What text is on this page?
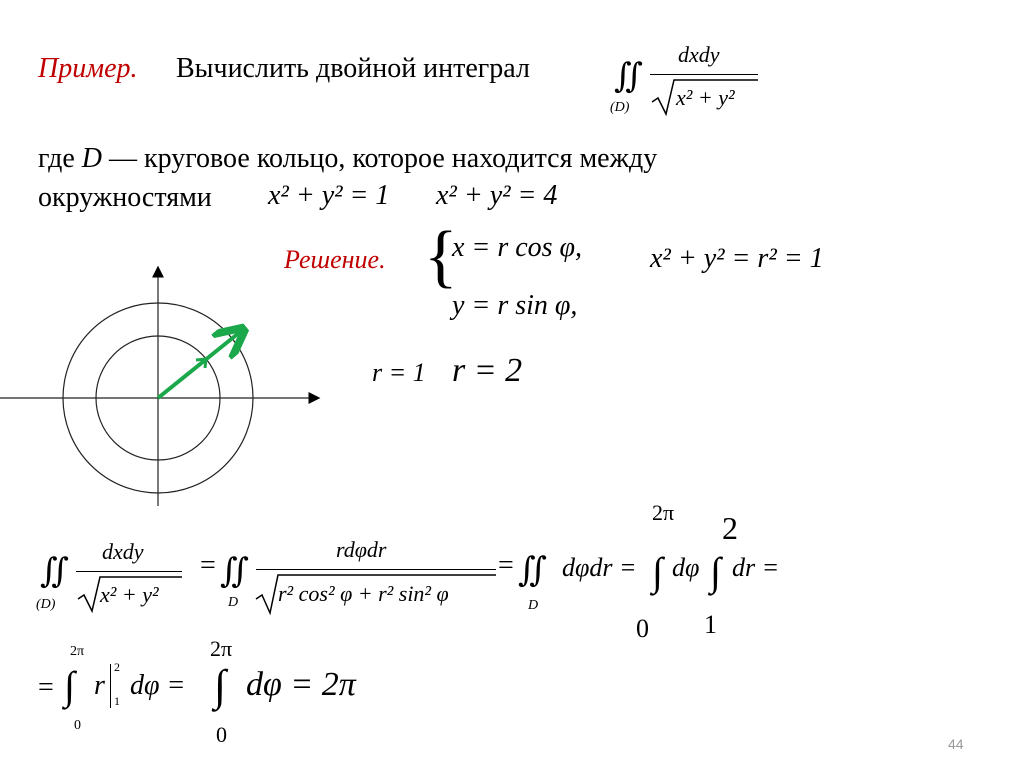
Пример. Вычислить двойной интеграл ∬
(D)
dxdy
x² + y²
где D — круговое кольцо, которое находится между
окружностями x² + y² = 1 x² + y² = 4
Решение. {
x = r cos φ,
y = r sin φ,
x² + y² = r² = 1
r = 1 r = 2
∬
(D)
dxdy
x² + y²
= ∬
D
rdφdr
r² cos² φ + r² sin² φ
= ∬
D
dφdr = ∫
2π
0
dφ ∫
2
1
dr =
= ∫
2π
0
r
2
1 dφ = ∫
2π
0
dφ = 2π
44
